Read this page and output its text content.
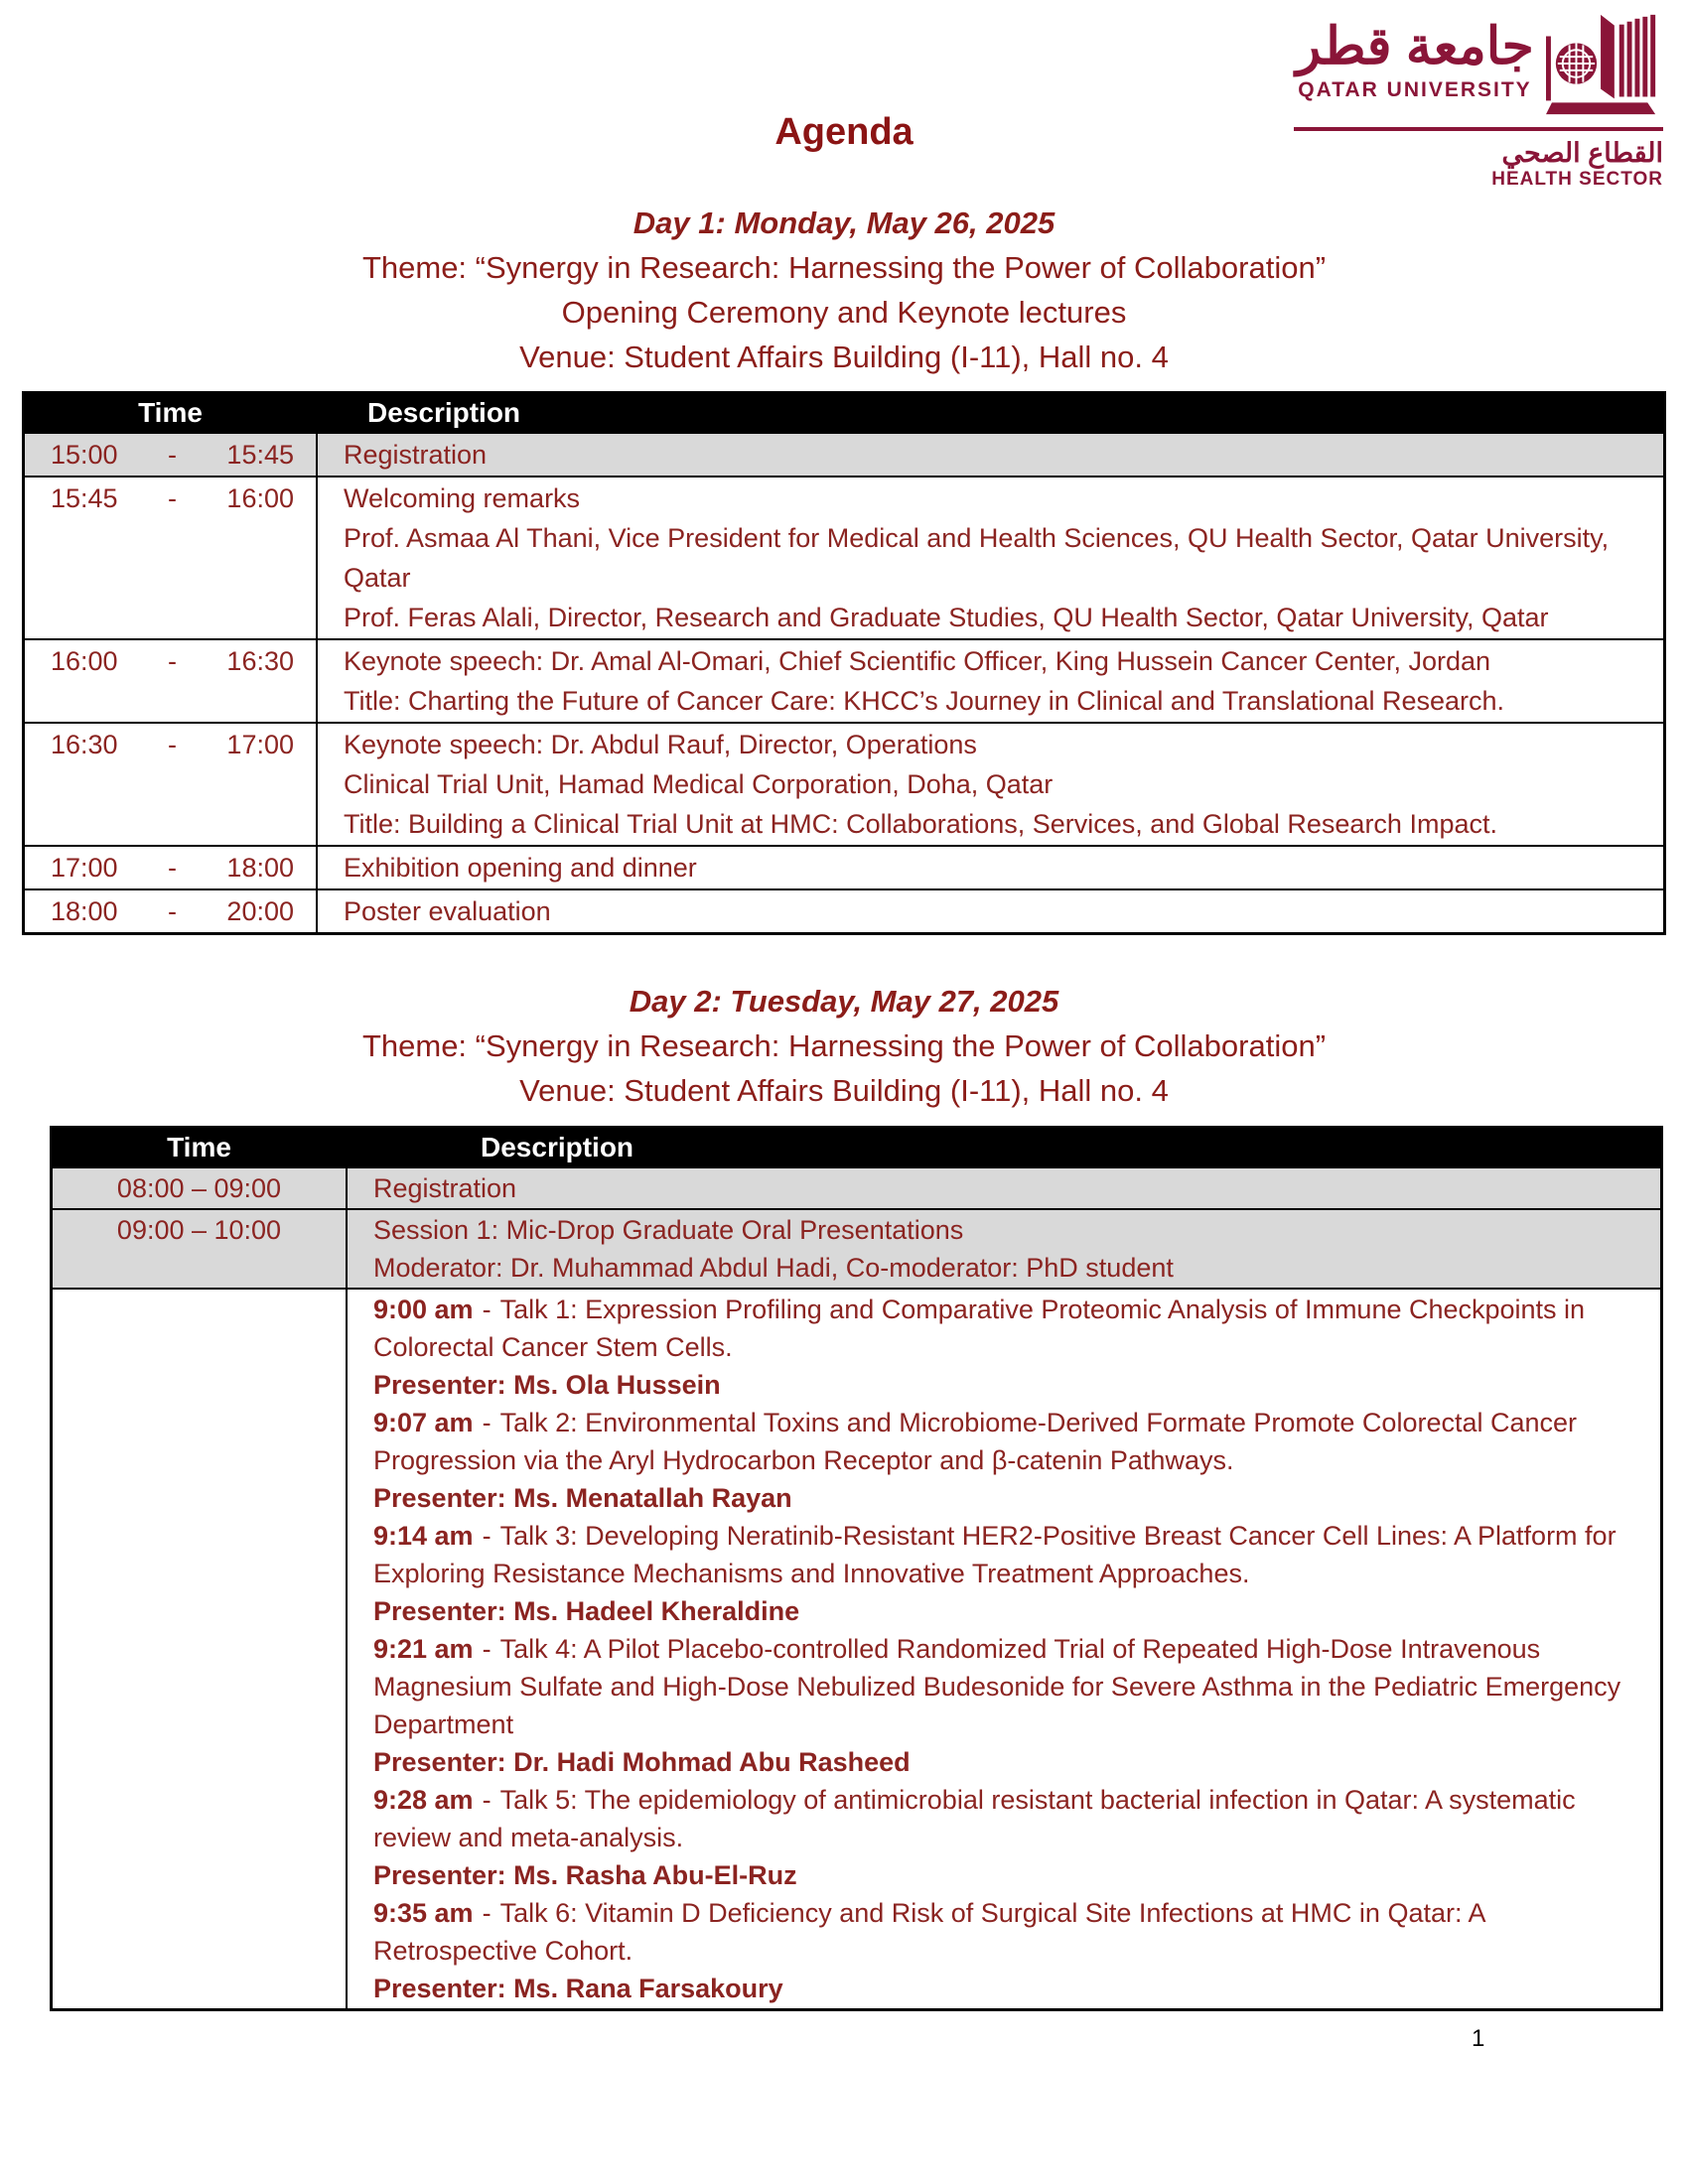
جامعة قطر
QATAR UNIVERSITY
القطاع الصحي
HEALTH SECTOR
Agenda
Day 1: Monday, May 26, 2025
Theme: “Synergy in Research: Harnessing the Power of Collaboration”
Opening Ceremony and Keynote lectures
Venue: Student Affairs Building (I-11), Hall no. 4
Time	Description

15:00 - 15:45	Registration

15:45 - 16:00	Welcoming remarks

Prof. Asmaa Al Thani, Vice President for Medical and Health Sciences, QU Health Sector, Qatar University, Qatar

Prof. Feras Alali, Director, Research and Graduate Studies, QU Health Sector, Qatar University, Qatar

16:00 - 16:30	Keynote speech: Dr. Amal Al-Omari, Chief Scientific Officer, King Hussein Cancer Center, Jordan

Title: Charting the Future of Cancer Care: KHCC’s Journey in Clinical and Translational Research.

16:30 - 17:00	Keynote speech: Dr. Abdul Rauf, Director, Operations

Clinical Trial Unit, Hamad Medical Corporation, Doha, Qatar

Title: Building a Clinical Trial Unit at HMC: Collaborations, Services, and Global Research Impact.

17:00 - 18:00	Exhibition opening and dinner

18:00 - 20:00	Poster evaluation

Day 2: Tuesday, May 27, 2025
Theme: “Synergy in Research: Harnessing the Power of Collaboration”
Venue: Student Affairs Building (I-11), Hall no. 4
Time	Description

08:00 – 09:00	Registration

09:00 – 10:00	Session 1: Mic-Drop Graduate Oral Presentations

Moderator: Dr. Muhammad Abdul Hadi, Co-moderator: PhD student

9:00 am - Talk 1: Expression Profiling and Comparative Proteomic Analysis of Immune Checkpoints in Colorectal Cancer Stem Cells.

Presenter: Ms. Ola Hussein

9:07 am - Talk 2: Environmental Toxins and Microbiome-Derived Formate Promote Colorectal Cancer Progression via the Aryl Hydrocarbon Receptor and β-catenin Pathways.

Presenter: Ms. Menatallah Rayan

9:14 am - Talk 3: Developing Neratinib-Resistant HER2-Positive Breast Cancer Cell Lines: A Platform for Exploring Resistance Mechanisms and Innovative Treatment Approaches.

Presenter: Ms. Hadeel Kheraldine

9:21 am - Talk 4: A Pilot Placebo-controlled Randomized Trial of Repeated High-Dose Intravenous Magnesium Sulfate and High-Dose Nebulized Budesonide for Severe Asthma in the Pediatric Emergency Department

Presenter: Dr. Hadi Mohmad Abu Rasheed

9:28 am - Talk 5: The epidemiology of antimicrobial resistant bacterial infection in Qatar: A systematic review and meta-analysis.

Presenter: Ms. Rasha Abu-El-Ruz

9:35 am - Talk 6: Vitamin D Deficiency and Risk of Surgical Site Infections at HMC in Qatar: A Retrospective Cohort.

Presenter: Ms. Rana Farsakoury

1
